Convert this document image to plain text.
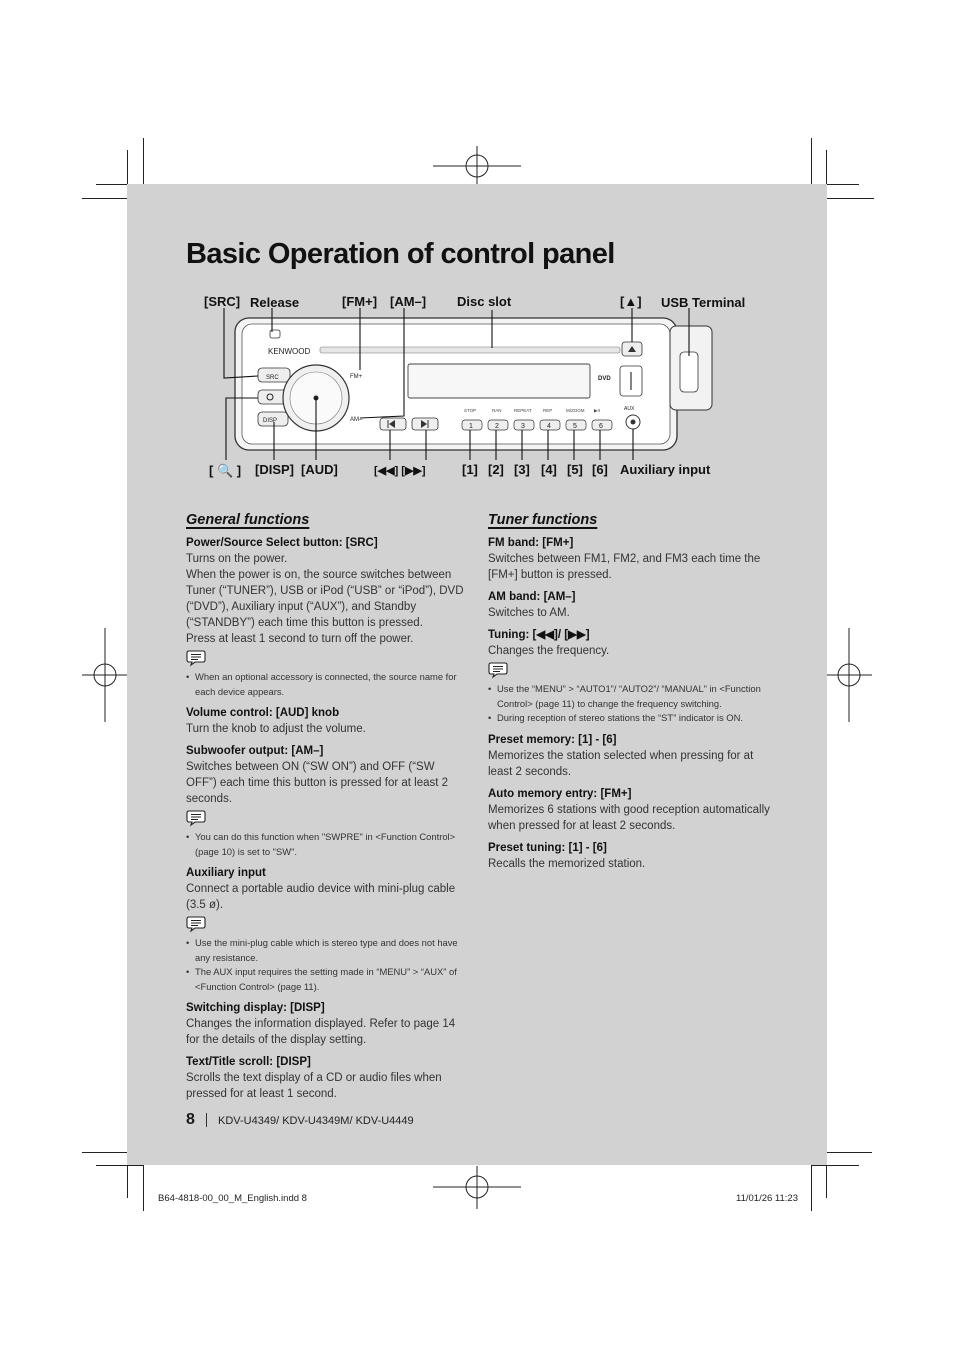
Basic Operation of control panel
KENWOOD
SRC
DISP
FM+
AM–
DVD
1	2	3	4	5	6
STOP	RAN	REPEAT	REP	M/ZOOM ▶II	AUX
[SRC] Release	[FM+] [AM–] Disc slot	[▲] USB Terminal
[ 🔍 ] [DISP] [AUD]	[◀◀] [▶▶]	[1] [2] [3] [4] [5] [6] Auxiliary input
General functions
Power/Source Select button: [SRC]
Turns on the power.
When the power is on, the source switches between Tuner (“TUNER”), USB or iPod (“USB” or “iPod”), DVD (“DVD”), Auxiliary input (“AUX”), and Standby (“STANDBY”) each time this button is pressed.
Press at least 1 second to turn off the power.
• When an optional accessory is connected, the source name for each device appears.
Volume control: [AUD] knob
Turn the knob to adjust the volume.
Subwoofer output: [AM–]
Switches between ON (“SW ON”) and OFF (“SW OFF”) each time this button is pressed for at least 2 seconds.
• You can do this function when "SWPRE" in <Function Control> (page 10) is set to "SW".
Auxiliary input
Connect a portable audio device with mini-plug cable (3.5 ø).
• Use the mini-plug cable which is stereo type and does not have any resistance.
• The AUX input requires the setting made in “MENU” > “AUX” of <Function Control> (page 11).
Switching display: [DISP]
Changes the information displayed. Refer to page 14 for the details of the display setting.
Text/Title scroll: [DISP]
Scrolls the text display of a CD or audio files when pressed for at least 1 second.
Tuner functions
FM band: [FM+]
Switches between FM1, FM2, and FM3 each time the [FM+] button is pressed.
AM band: [AM–]
Switches to AM.
Tuning: [◀◀]/ [▶▶]
Changes the frequency.
• Use the “MENU” > “AUTO1”/ “AUTO2”/ “MANUAL” in <Function Control> (page 11) to change the frequency switching.
• During reception of stereo stations the “ST” indicator is ON.
Preset memory: [1] - [6]
Memorizes the station selected when pressing for at least 2 seconds.
Auto memory entry: [FM+]
Memorizes 6 stations with good reception automatically when pressed for at least 2 seconds.
Preset tuning: [1] - [6]
Recalls the memorized station.
8 KDV-U4349/ KDV-U4349M/ KDV-U4449
B64-4818-00_00_M_English.indd 8	11/01/26 11:23
